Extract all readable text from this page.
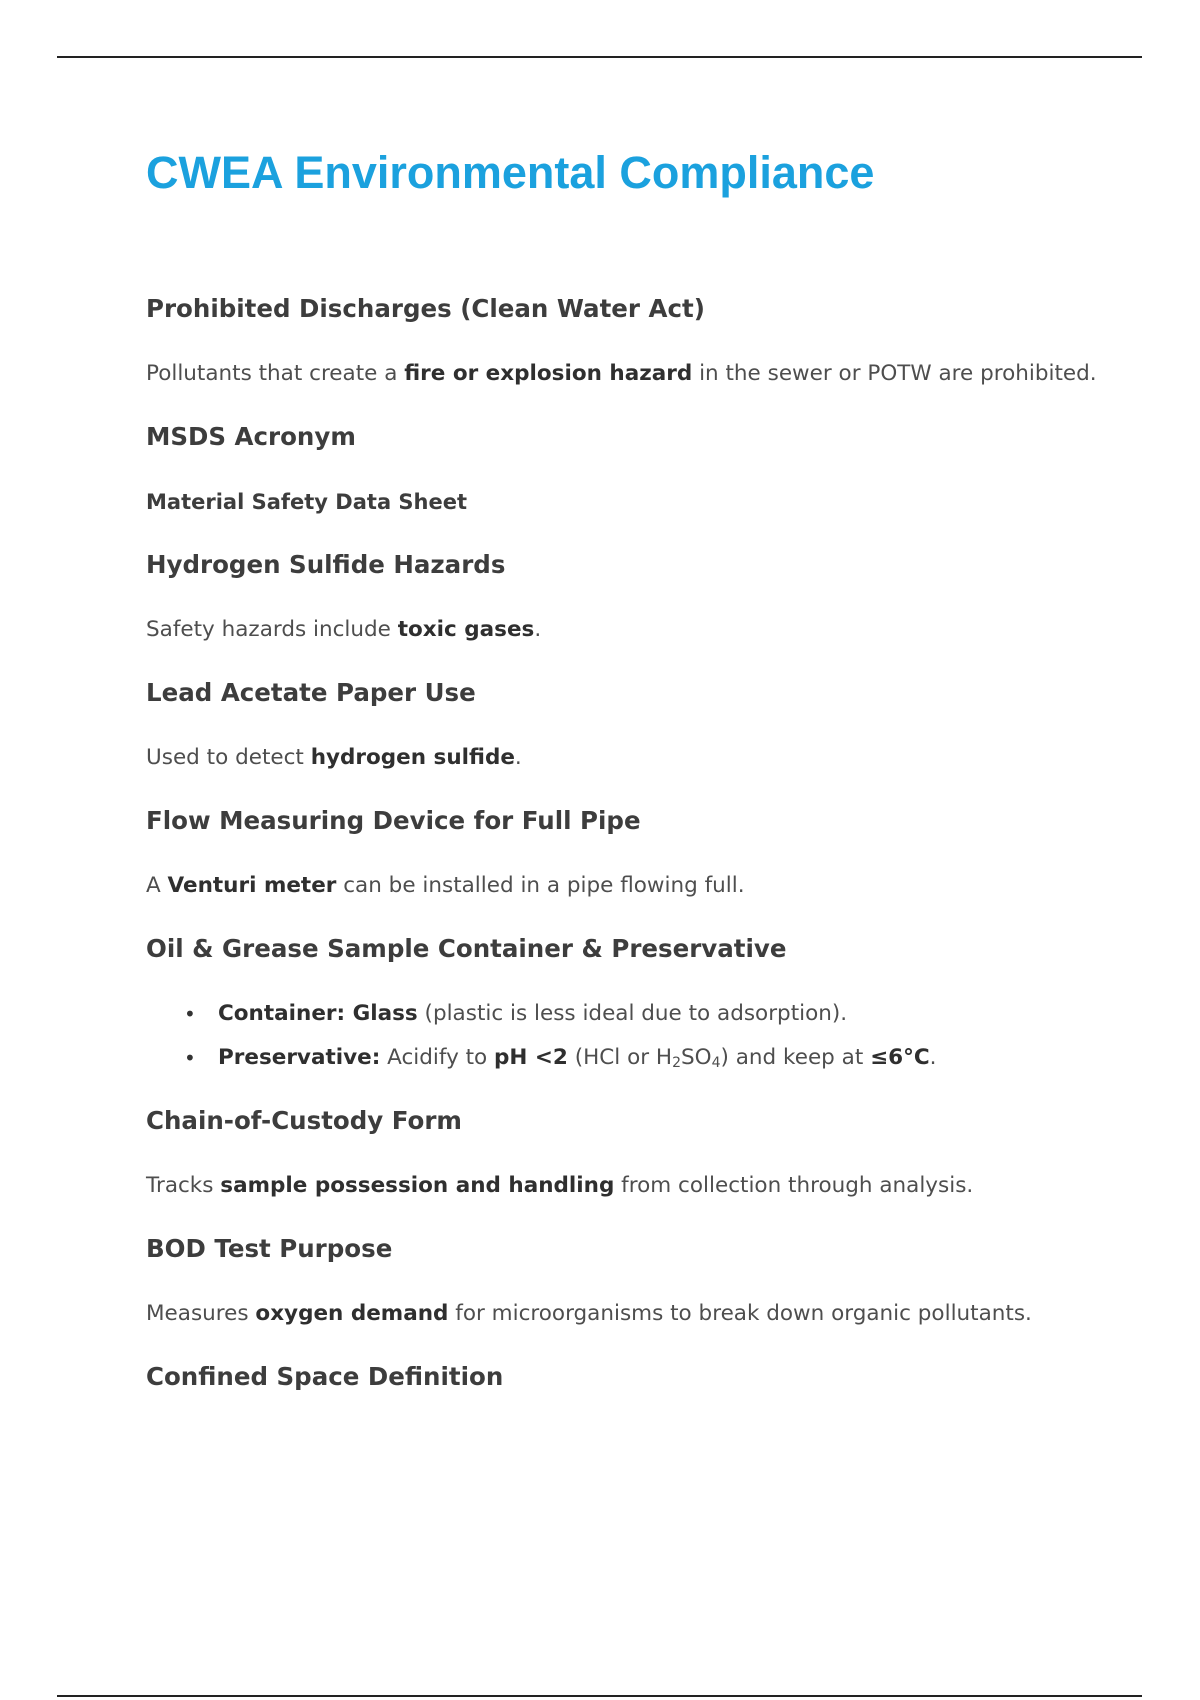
CWEA Environmental Compliance
Prohibited Discharges (Clean Water Act)

Pollutants that create a fire or explosion hazard in the sewer or POTW are prohibited.

MSDS Acronym
Material Safety Data Sheet
Hydrogen Sulfide Hazards

Safety hazards include toxic gases.

Lead Acetate Paper Use

Used to detect hydrogen sulfide.

Flow Measuring Device for Full Pipe

A Venturi meter can be installed in a pipe flowing full.

Oil & Grease Sample Container & Preservative
• Container: Glass (plastic is less ideal due to adsorption).
• Preservative: Acidify to pH <2 (HCl or $H_2SO_4$) and keep at ≤6°C.
Chain-of-Custody Form

Tracks sample possession and handling from collection through analysis.

BOD Test Purpose

Measures oxygen demand for microorganisms to break down organic pollutants.

Confined Space Definition
